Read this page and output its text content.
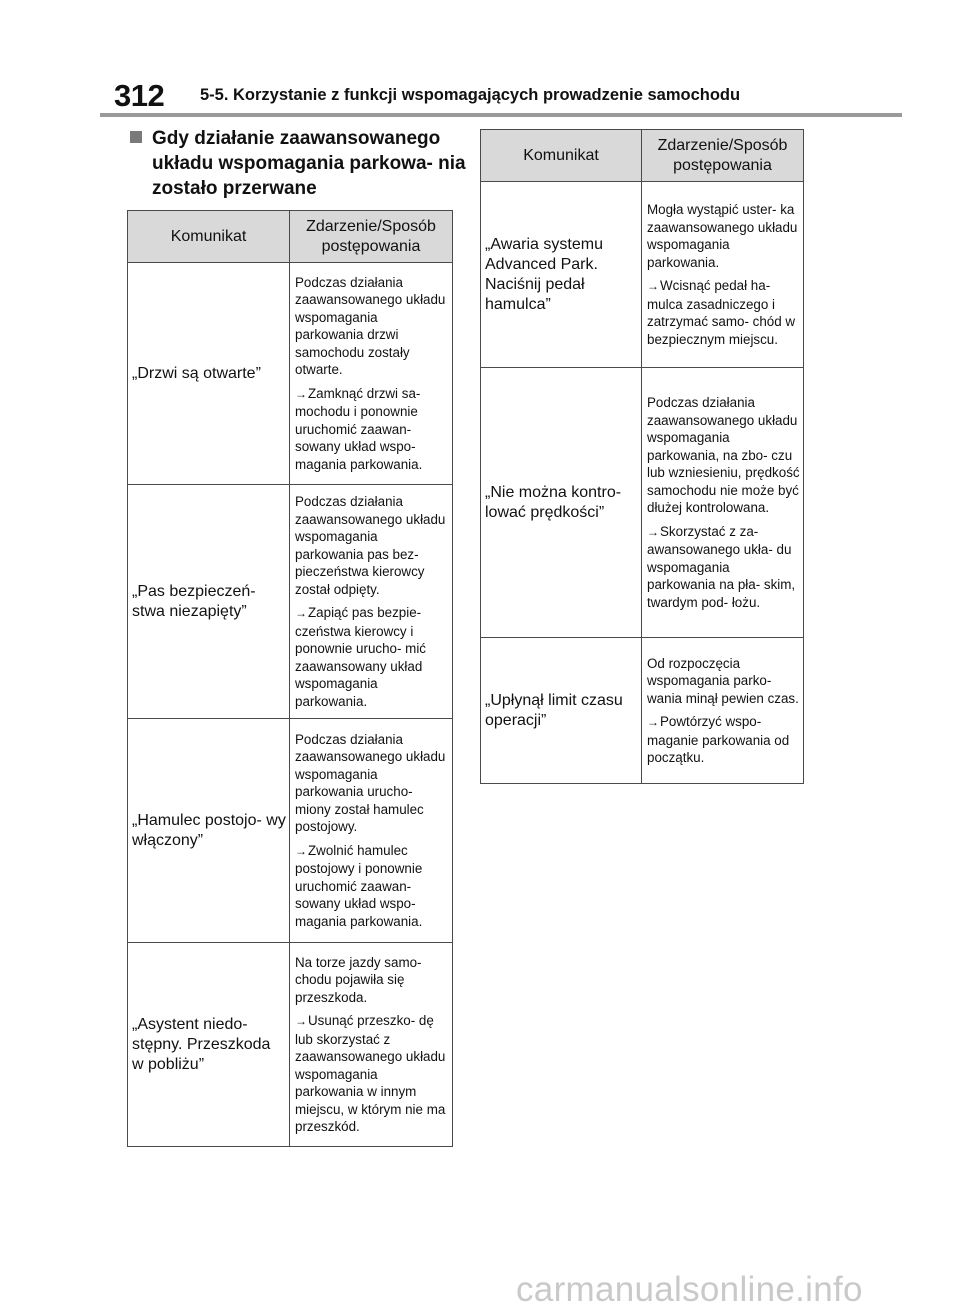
312 5-5. Korzystanie z funkcji wspomagających prowadzenie samochodu
Gdy działanie zaawansowanego układu wspomagania parkowa- nia zostało przerwane
Komunikat	Zdarzenie/Sposób postępowania
„Drzwi są otwarte”	Podczas działania zaawansowanego układu wspomagania parkowania drzwi samochodu zostały otwarte.

→Zamknąć drzwi sa- mochodu i ponownie uruchomić zaawan- sowany układ wspo- magania parkowania.

„Pas bezpieczeń- stwa niezapięty”	Podczas działania zaawansowanego układu wspomagania parkowania pas bez- pieczeństwa kierowcy został odpięty.

→Zapiąć pas bezpie- czeństwa kierowcy i ponownie urucho- mić zaawansowany układ wspomagania parkowania.

„Hamulec postojo- wy włączony”	Podczas działania zaawansowanego układu wspomagania parkowania urucho- miony został hamulec postojowy.

→Zwolnić hamulec postojowy i ponownie uruchomić zaawan- sowany układ wspo- magania parkowania.

„Asystent niedo- stępny. Przeszkoda w pobliżu”	Na torze jazdy samo- chodu pojawiła się przeszkoda.

→Usunąć przeszko- dę lub skorzystać z zaawansowanego układu wspomagania parkowania w innym miejscu, w którym nie ma przeszkód.

Komunikat	Zdarzenie/Sposób postępowania
„Awaria systemu Advanced Park. Naciśnij pedał hamulca”	Mogła wystąpić uster- ka zaawansowanego układu wspomagania parkowania.

→Wcisnąć pedał ha- mulca zasadniczego i zatrzymać samo- chód w bezpiecznym miejscu.

„Nie można kontro- lować prędkości”	Podczas działania zaawansowanego układu wspomagania parkowania, na zbo- czu lub wzniesieniu, prędkość samochodu nie może być dłużej kontrolowana.

→Skorzystać z za- awansowanego ukła- du wspomagania parkowania na pła- skim, twardym pod- łożu.

„Upłynął limit czasu operacji”	Od rozpoczęcia wspomagania parko- wania minął pewien czas.

→Powtórzyć wspo- maganie parkowania od początku.

carmanualsonline.info
